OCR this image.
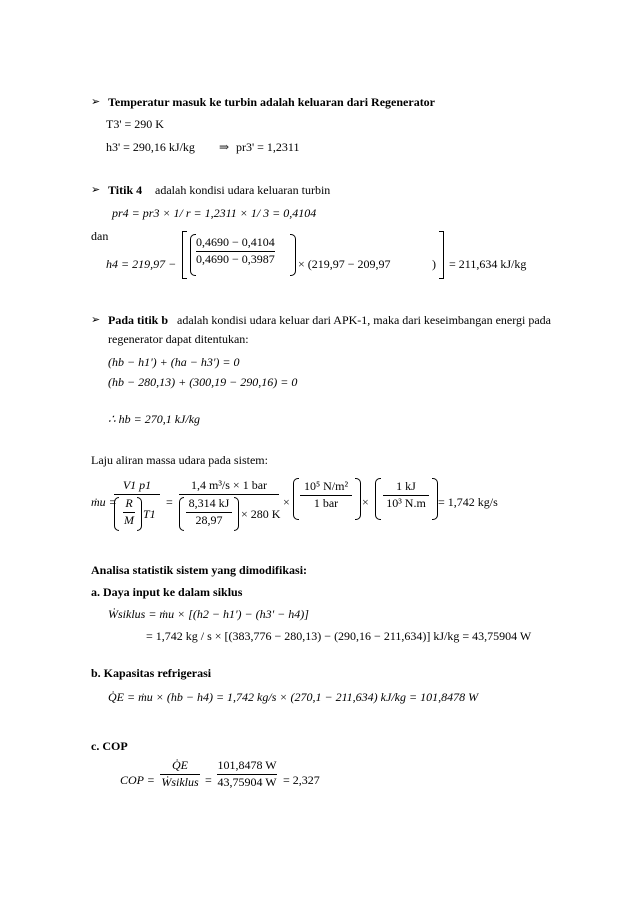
➢ Temperatur masuk ke turbin adalah keluaran dari Regenerator
T3' = 290 K
h3' = 290,16 kJ/kg ⇒ pr3' = 1,2311
➢ Titik 4 adalah kondisi udara keluaran turbin
pr4 = pr3 × 1/ r = 1,2311 × 1/ 3 = 0,4104
dan
h4 = 219,97 −
0,4690 − 0,4104
0,4690 − 0,3987 × (219,97 − 209,97	) = 211,634 kJ/kg
➢ Pada titik b adalah kondisi udara keluar dari APK-1, maka dari keseimbangan energi pada
regenerator dapat ditentukan:
(hb − h1') + (ha − h3') = 0
(hb − 280,13) + (300,19 − 290,16) = 0
∴ hb = 270,1 kJ/kg
Laju aliran massa udara pada sistem:
ṁu =
V1 p1
R
M T1
=
1,4 m³/s × 1 bar
8,314 kJ
28,97 × 280 K
×
10⁵ N/m²
1 bar ×
1 kJ
10³ N.m = 1,742 kg/s
Analisa statistik sistem yang dimodifikasi:
a. Daya input ke dalam siklus
Ẇsiklus = ṁu × [(h2 − h1') − (h3' − h4)]
= 1,742 kg / s × [(383,776 − 280,13) − (290,16 − 211,634)] kJ/kg = 43,75904 W
b. Kapasitas refrigerasi
Q̇E = ṁu × (hb − h4) = 1,742 kg/s × (270,1 − 211,634) kJ/kg = 101,8478 W
c. COP
COP =
Q̇E
Ẇsiklus =
101,8478 W
43,75904 W = 2,327
